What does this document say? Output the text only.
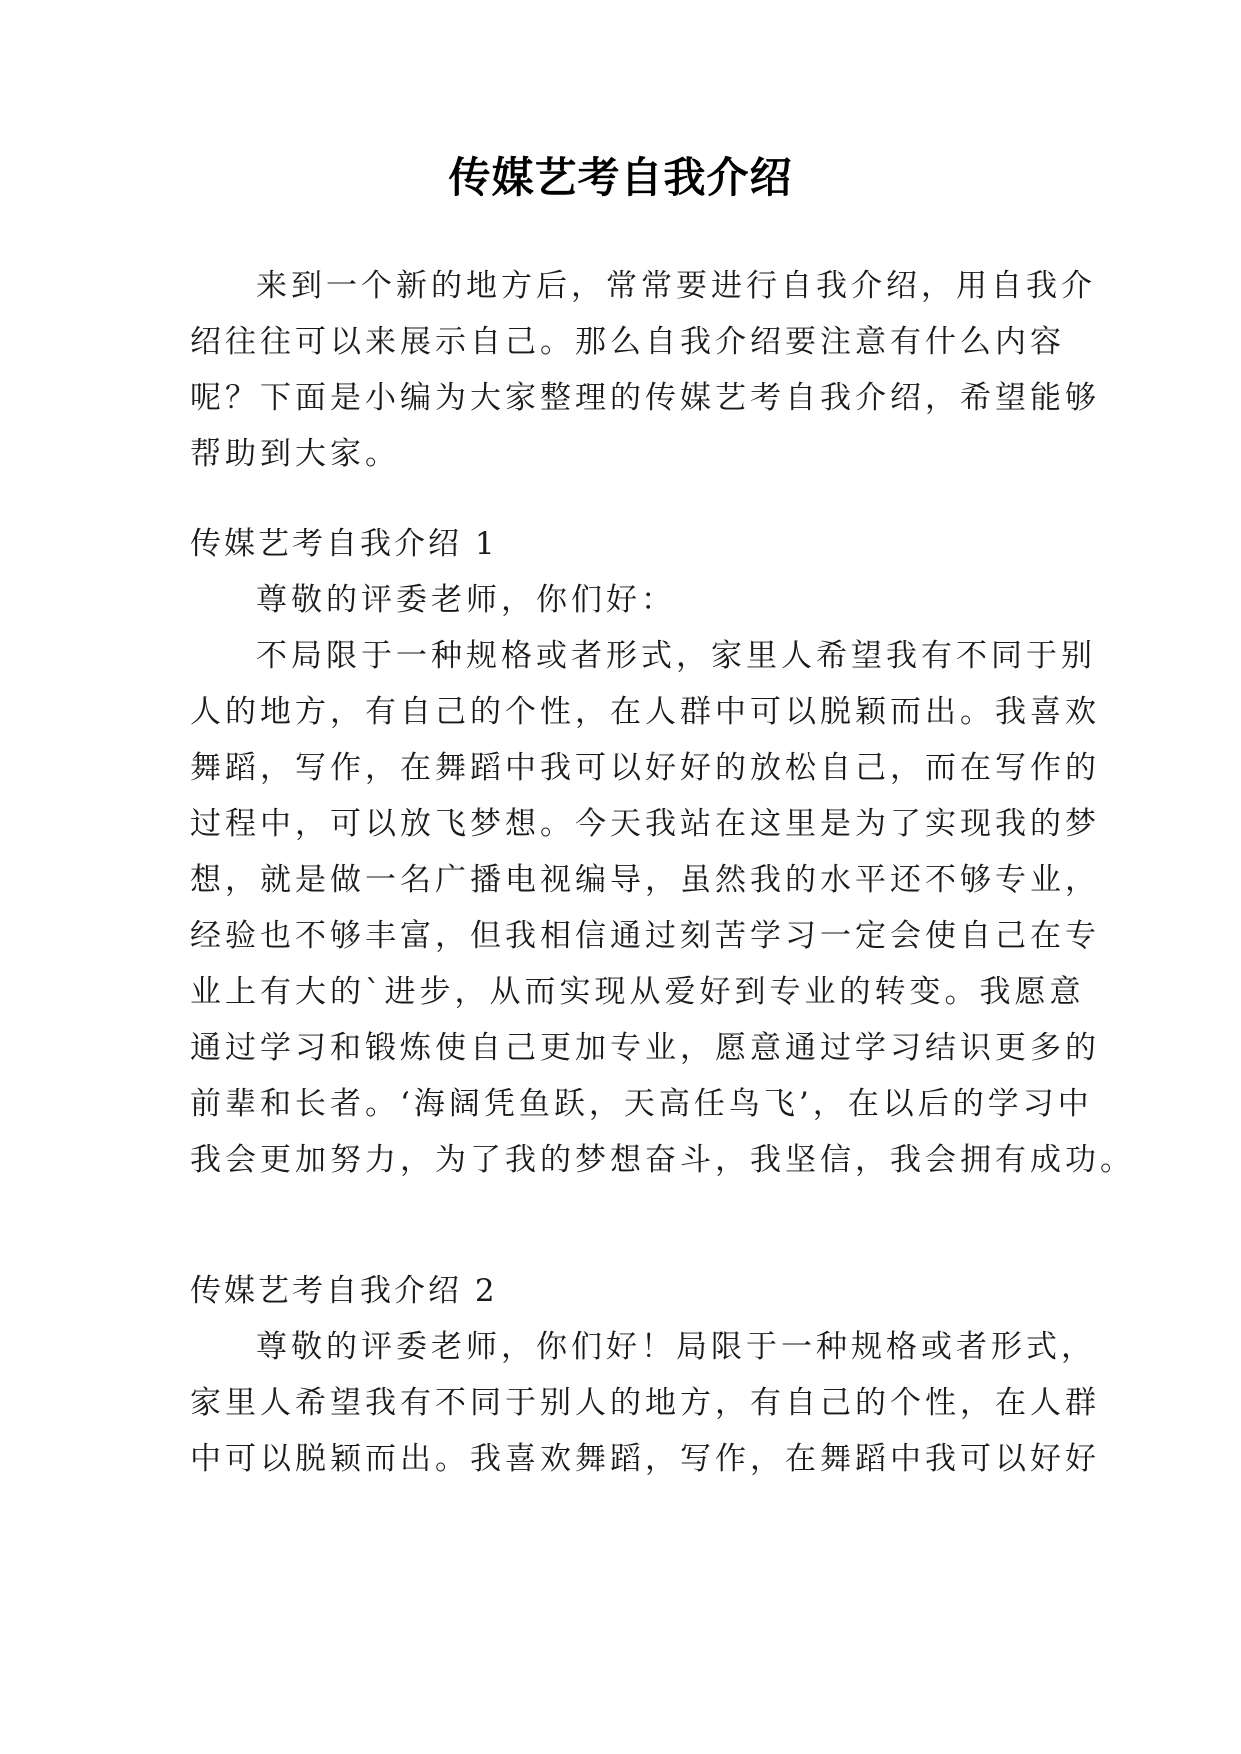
传媒艺考自我介绍
来到一个新的地方后，常常要进行自我介绍，用自我介
绍往往可以来展示自己。那么自我介绍要注意有什么内容
呢？下面是小编为大家整理的传媒艺考自我介绍，希望能够
帮助到大家。
传媒艺考自我介绍 1
尊敬的评委老师，你们好：
不局限于一种规格或者形式，家里人希望我有不同于别
人的地方，有自己的个性，在人群中可以脱颖而出。我喜欢
舞蹈，写作，在舞蹈中我可以好好的放松自己，而在写作的
过程中，可以放飞梦想。今天我站在这里是为了实现我的梦
想，就是做一名广播电视编导，虽然我的水平还不够专业，
经验也不够丰富，但我相信通过刻苦学习一定会使自己在专
业上有大的`进步，从而实现从爱好到专业的转变。我愿意
通过学习和锻炼使自己更加专业，愿意通过学习结识更多的
前辈和长者。‘海阔凭鱼跃，天高任鸟飞’，在以后的学习中
我会更加努力，为了我的梦想奋斗，我坚信，我会拥有成功。
传媒艺考自我介绍 2
尊敬的评委老师，你们好！局限于一种规格或者形式，
家里人希望我有不同于别人的地方，有自己的个性，在人群
中可以脱颖而出。我喜欢舞蹈，写作，在舞蹈中我可以好好
